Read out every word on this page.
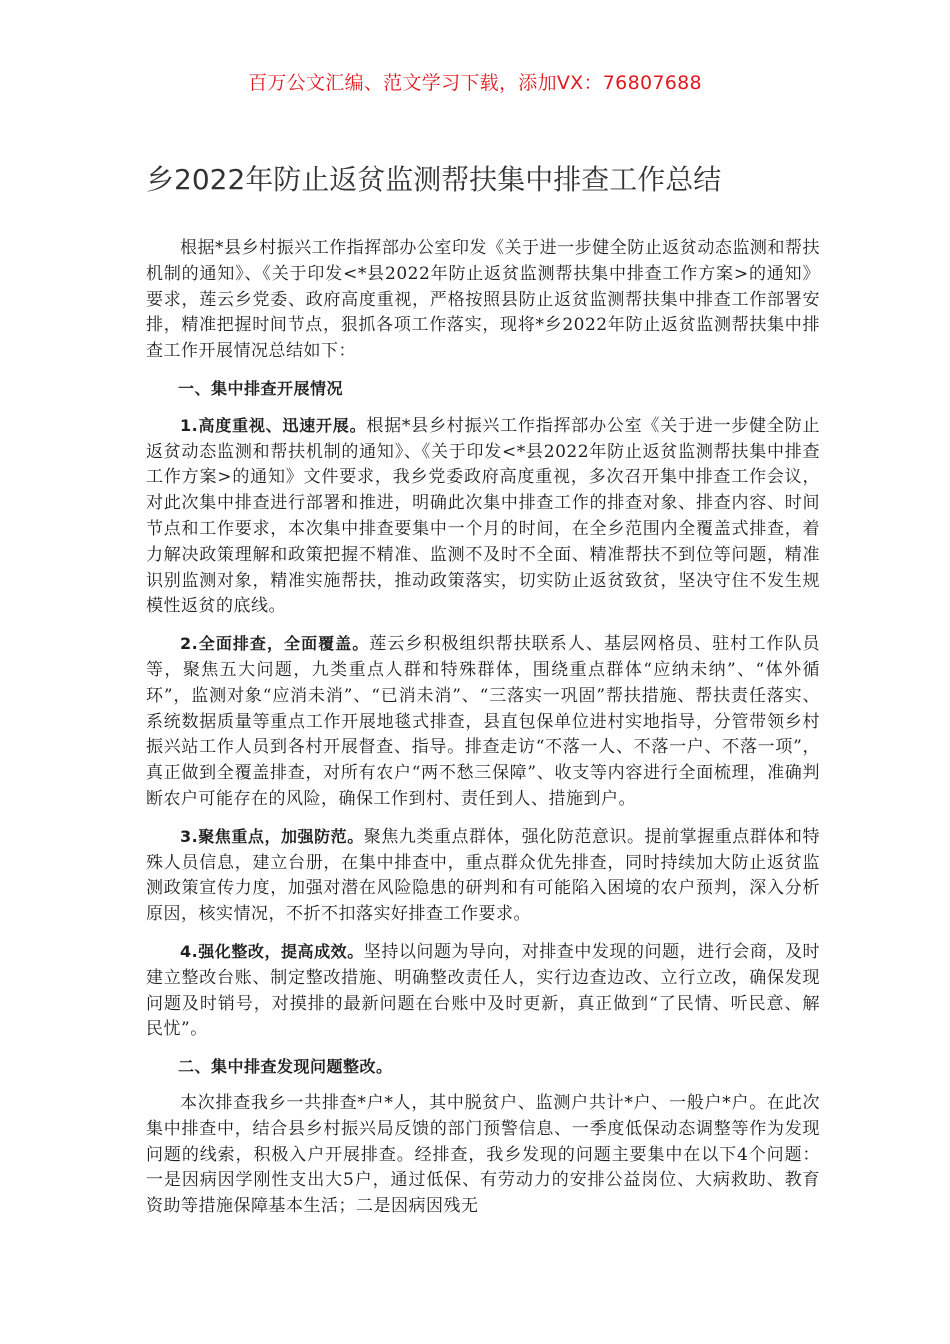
百万公文汇编、范文学习下载，添加VX：76807688
乡2022年防止返贫监测帮扶集中排查工作总结

根据*县乡村振兴工作指挥部办公室印发《关于进一步健全防止返贫动态监测和帮扶机制的通知》、《关于印发<*县2022年防止返贫监测帮扶集中排查工作方案>的通知》要求，莲云乡党委、政府高度重视，严格按照县防止返贫监测帮扶集中排查工作部署安排，精准把握时间节点，狠抓各项工作落实，现将*乡2022年防止返贫监测帮扶集中排查工作开展情况总结如下：

一、集中排查开展情况

1.高度重视、迅速开展。根据*县乡村振兴工作指挥部办公室《关于进一步健全防止返贫动态监测和帮扶机制的通知》、《关于印发<*县2022年防止返贫监测帮扶集中排查工作方案>的通知》文件要求，我乡党委政府高度重视，多次召开集中排查工作会议，对此次集中排查进行部署和推进，明确此次集中排查工作的排查对象、排查内容、时间节点和工作要求，本次集中排查要集中一个月的时间，在全乡范围内全覆盖式排查，着力解决政策理解和政策把握不精准、监测不及时不全面、精准帮扶不到位等问题，精准识别监测对象，精准实施帮扶，推动政策落实，切实防止返贫致贫，坚决守住不发生规模性返贫的底线。

2.全面排查，全面覆盖。莲云乡积极组织帮扶联系人、基层网格员、驻村工作队员等，聚焦五大问题，九类重点人群和特殊群体，围绕重点群体“应纳未纳”、“体外循环”，监测对象“应消未消”、“已消未消”、“三落实一巩固”帮扶措施、帮扶责任落实、系统数据质量等重点工作开展地毯式排查，县直包保单位进村实地指导，分管带领乡村振兴站工作人员到各村开展督查、指导。排查走访“不落一人、不落一户、不落一项”，真正做到全覆盖排查，对所有农户“两不愁三保障”、收支等内容进行全面梳理，准确判断农户可能存在的风险，确保工作到村、责任到人、措施到户。

3.聚焦重点，加强防范。聚焦九类重点群体，强化防范意识。提前掌握重点群体和特殊人员信息，建立台册，在集中排查中，重点群众优先排查，同时持续加大防止返贫监测政策宣传力度，加强对潜在风险隐患的研判和有可能陷入困境的农户预判，深入分析原因，核实情况，不折不扣落实好排查工作要求。

4.强化整改，提高成效。坚持以问题为导向，对排查中发现的问题，进行会商，及时建立整改台账、制定整改措施、明确整改责任人，实行边查边改、立行立改，确保发现问题及时销号，对摸排的最新问题在台账中及时更新，真正做到“了民情、听民意、解民忧”。

二、集中排查发现问题整改。

本次排查我乡一共排查*户*人，其中脱贫户、监测户共计*户、一般户*户。在此次集中排查中，结合县乡村振兴局反馈的部门预警信息、一季度低保动态调整等作为发现问题的线索，积极入户开展排查。经排查，我乡发现的问题主要集中在以下4个问题：一是因病因学刚性支出大5户，通过低保、有劳动力的安排公益岗位、大病救助、教育资助等措施保障基本生活；二是因病因残无
